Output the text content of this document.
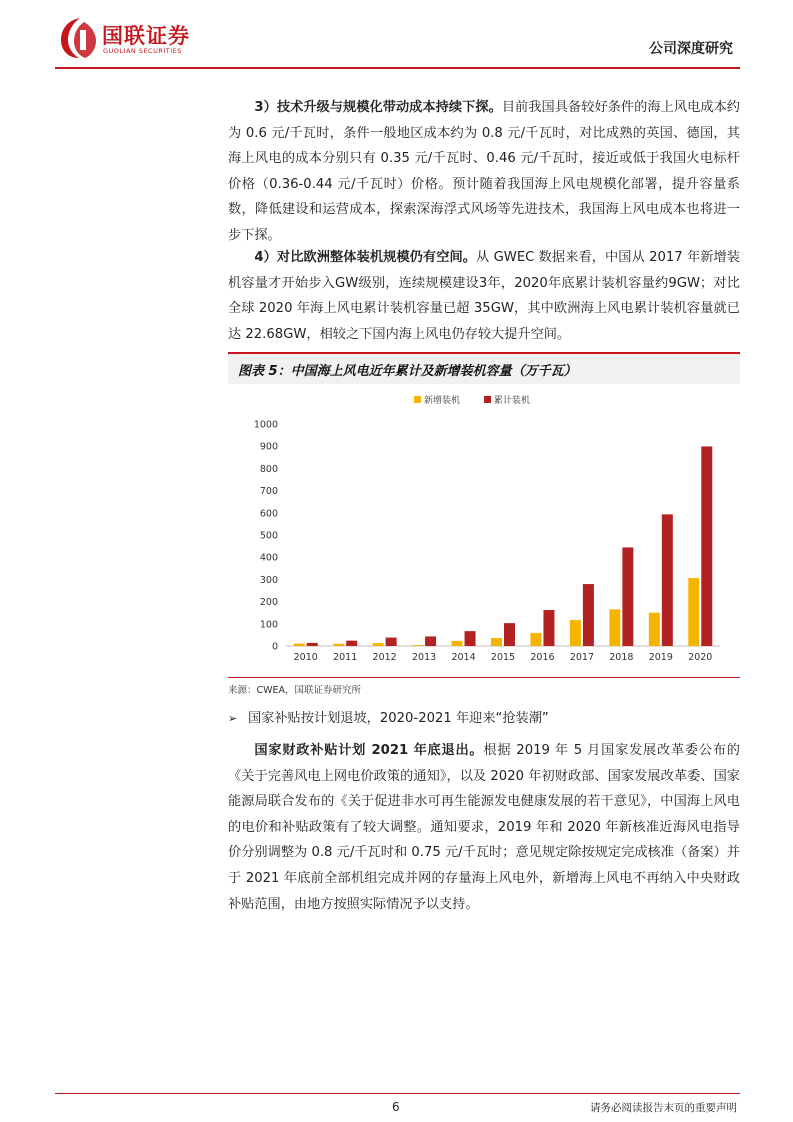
国联证券
GUOLIAN SECURITIES	公司深度研究

3）技术升级与规模化带动成本持续下探。目前我国具备较好条件的海上风电成本约为 0.6 元/千瓦时，条件一般地区成本约为 0.8 元/千瓦时，对比成熟的英国、德国，其海上风电的成本分别只有 0.35 元/千瓦时、0.46 元/千瓦时，接近或低于我国火电标杆价格（0.36-0.44 元/千瓦时）价格。预计随着我国海上风电规模化部署，提升容量系数，降低建设和运营成本，探索深海浮式风场等先进技术，我国海上风电成本也将进一步下探。

4）对比欧洲整体装机规模仍有空间。从 GWEC 数据来看，中国从 2017 年新增装机容量才开始步入GW级别，连续规模建设3年，2020年底累计装机容量约9GW；对比全球 2020 年海上风电累计装机容量已超 35GW，其中欧洲海上风电累计装机容量就已达 22.68GW，相较之下国内海上风电仍存较大提升空间。

图表 5：中国海上风电近年累计及新增装机容量（万千瓦）
新增装机	累计装机
0
100
200
300
400
500
600
700
800
900
1000
2010 2011 2012 2013 2014 2015 2016 2017 2018 2019 2020
来源：CWEA，国联证券研究所
➢ 国家补贴按计划退坡，2020-2021 年迎来“抢装潮”

国家财政补贴计划 2021 年底退出。根据 2019 年 5 月国家发展改革委公布的《关于完善风电上网电价政策的通知》，以及 2020 年初财政部、国家发展改革委、国家能源局联合发布的《关于促进非水可再生能源发电健康发展的若干意见》，中国海上风电的电价和补贴政策有了较大调整。通知要求，2019 年和 2020 年新核准近海风电指导价分别调整为 0.8 元/千瓦时和 0.75 元/千瓦时；意见规定除按规定完成核准（备案）并于 2021 年底前全部机组完成并网的存量海上风电外，新增海上风电不再纳入中央财政补贴范围，由地方按照实际情况予以支持。

6	请务必阅读报告末页的重要声明
